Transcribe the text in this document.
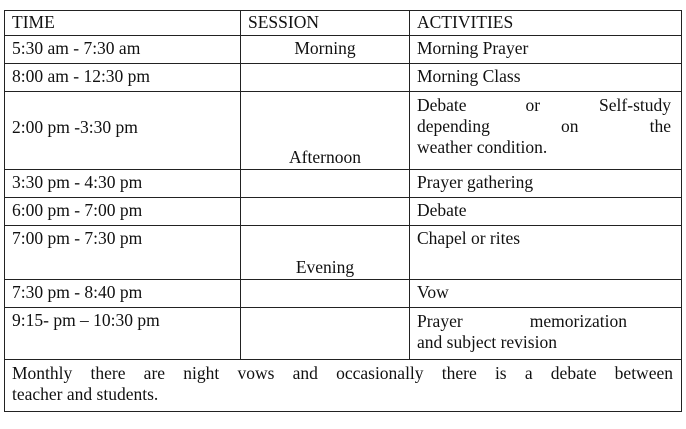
TIME	SESSION	ACTIVITIES

5:30 am - 7:30 am	Morning	Morning Prayer

8:00 am - 12:30 pm		Morning Class

2:00 pm -3:30 pm	Afternoon	Debate or Self-study
depending on the
weather condition.

3:30 pm - 4:30 pm		Prayer gathering

6:00 pm - 7:00 pm		Debate

7:00 pm - 7:30 pm	Evening	Chapel or rites

7:30 pm - 8:40 pm		Vow

9:15- pm – 10:30 pm		Prayer memorization
and subject revision

Monthly there are night vows and occasionally there is a debate between
teacher and students.		
